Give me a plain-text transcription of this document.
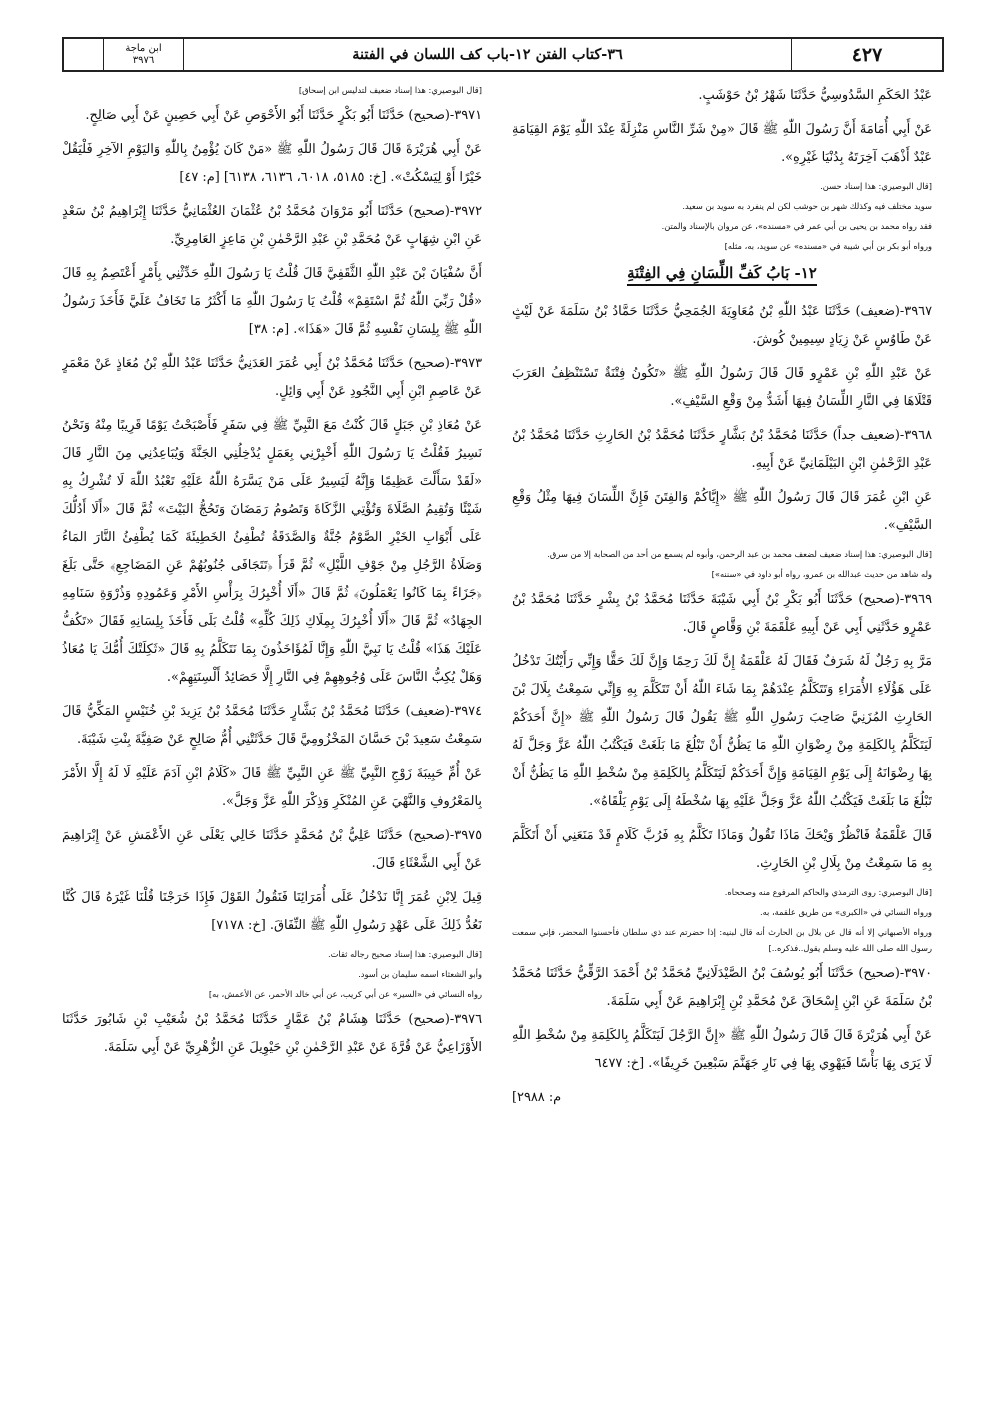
ابن ماجة
٣٩٧٦	٣٦-كتاب الفتن ١٢-باب كف اللسان في الفتنة	٤٢٧

عَبْدُ الحَكَمِ السَّدُوسِيُّ حَدَّثَنَا شَهْرُ بْنُ حَوْشَبٍ.

عَنْ أَبِي أُمَامَةَ أَنَّ رَسُولَ اللّٰهِ ﷺ قَالَ «مِنْ شَرِّ النَّاسِ مَنْزِلَةً عِنْدَ اللّٰهِ يَوْمَ القِيَامَةِ عَبْدٌ أَذْهَبَ آخِرَتَهُ بِدُنْيَا غَيْرِهِ».

[قال البوصيري: هذا إسناد حسن.

سويد مختلف فيه وكذلك شهر بن حوشب لكن لم ينفرد به سويد بن سعيد.

فقد رواه محمد بن يحيى بن أبي عمر في «مسنده»، عن مروان بالإسناد والمتن.

ورواه أبو بكر بن أبي شيبة في «مسنده» عن سويد، به، مثله]

١٢- بَابُ كَفِّ اللِّسَانِ فِي الفِتْنَةِ

٣٩٦٧-(ضعيف) حَدَّثَنَا عَبْدُ اللّٰهِ بْنُ مُعَاوِيَةَ الجُمَحِيُّ حَدَّثَنَا حَمَّادُ بْنُ سَلَمَةَ عَنْ لَيْثٍ عَنْ طَاوُسٍ عَنْ زِيَادٍ سِيمِينْ كُوشَ.

عَنْ عَبْدِ اللّٰهِ بْنِ عَمْرٍو قَالَ قَالَ رَسُولُ اللّٰهِ ﷺ «تَكُونُ فِتْنَةٌ تَسْتَنْظِفُ العَرَبَ قَتْلَاهَا فِي النَّارِ اللِّسَانُ فِيهَا أَشَدُّ مِنْ وَقْعِ السَّيْفِ».

٣٩٦٨-(ضعيف جداً) حَدَّثَنَا مُحَمَّدُ بْنُ بَشَّارٍ حَدَّثَنَا مُحَمَّدُ بْنُ الحَارِثِ حَدَّثَنَا مُحَمَّدُ بْنُ عَبْدِ الرَّحْمٰنِ ابْنِ البَيْلَمَانِيِّ عَنْ أَبِيهِ.

عَنِ ابْنِ عُمَرَ قَالَ قَالَ رَسُولُ اللّٰهِ ﷺ «إِيَّاكُمْ وَالفِتَنَ فَإِنَّ اللِّسَانَ فِيهَا مِثْلُ وَقْعِ السَّيْفِ».

[قال البوصيري: هذا إسناد ضعيف لضعف محمد بن عبد الرحمن، وأبوه لم يسمع من أحد من الصحابة إلا من سرق.

وله شاهد من حديث عبدالله بن عمرو، رواه أبو داود في «سننه»]

٣٩٦٩-(صحيح) حَدَّثَنَا أَبُو بَكْرِ بْنُ أَبِي شَيْبَةَ حَدَّثَنَا مُحَمَّدُ بْنُ بِشْرٍ حَدَّثَنَا مُحَمَّدُ بْنُ عَمْرٍو حَدَّثَنِي أَبِي عَنْ أَبِيهِ عَلْقَمَةَ بْنِ وَقَّاصٍ قَالَ.

مَرَّ بِهِ رَجُلٌ لَهُ شَرَفٌ فَقَالَ لَهُ عَلْقَمَةُ إِنَّ لَكَ رَحِمًا وَإِنَّ لَكَ حَقًّا وَإِنِّي رَأَيْتُكَ تَدْخُلُ عَلَى هَؤُلَاءِ الأُمَرَاءِ وَتَتَكَلَّمُ عِنْدَهُمْ بِمَا شَاءَ اللّٰهُ أَنْ تَتَكَلَّمَ بِهِ وَإِنِّي سَمِعْتُ بِلَالَ بْنَ الحَارِثِ المُزَنِيَّ صَاحِبَ رَسُولِ اللّٰهِ ﷺ يَقُولُ قَالَ رَسُولُ اللّٰهِ ﷺ «إِنَّ أَحَدَكُمْ لَيَتَكَلَّمُ بِالكَلِمَةِ مِنْ رِضْوَانِ اللّٰهِ مَا يَظُنُّ أَنْ تَبْلُغَ مَا بَلَغَتْ فَيَكْتُبُ اللّٰهُ عَزَّ وَجَلَّ لَهُ بِهَا رِضْوَانَهُ إِلَى يَوْمِ القِيَامَةِ وَإِنَّ أَحَدَكُمْ لَيَتَكَلَّمُ بِالكَلِمَةِ مِنْ سُخْطِ اللّٰهِ مَا يَظُنُّ أَنْ تَبْلُغَ مَا بَلَغَتْ فَيَكْتُبُ اللّٰهُ عَزَّ وَجَلَّ عَلَيْهِ بِهَا سُخْطَهُ إِلَى يَوْمِ يَلْقَاهُ».

قَالَ عَلْقَمَةُ فَانْظُرْ وَيْحَكَ مَاذَا تَقُولُ وَمَاذَا تَكَلَّمُ بِهِ فَرُبَّ كَلَامٍ قَدْ مَنَعَنِي أَنْ أَتَكَلَّمَ بِهِ مَا سَمِعْتُ مِنْ بِلَالِ بْنِ الحَارِثِ.

[قال البوصيري: روى الترمذي والحاكم المرفوع منه وصححاه.

ورواه النسائي في «الكبرى» من طريق علقمة، به.

ورواه الأصبهاني إلا أنه قال عن بلال بن الحارث أنه قال لبنيه: إذا حضرتم عند ذي سلطان فأحسنوا المحضر، فإني سمعت رسول الله صلى الله عليه وسلم يقول..فذكره..]

٣٩٧٠-(صحيح) حَدَّثَنَا أَبُو يُوسُفَ بْنُ الصَّيْدَلَانِيِّ مُحَمَّدُ بْنُ أَحْمَدَ الرَّقِّيُّ حَدَّثَنَا مُحَمَّدُ بْنُ سَلَمَةَ عَنِ ابْنِ إِسْحَاقَ عَنْ مُحَمَّدِ بْنِ إِبْرَاهِيمَ عَنْ أَبِي سَلَمَةَ.

عَنْ أَبِي هُرَيْرَةَ قَالَ قَالَ رَسُولُ اللّٰهِ ﷺ «إِنَّ الرَّجُلَ لَيَتَكَلَّمُ بِالكَلِمَةِ مِنْ سُخْطِ اللّٰهِ لَا يَرَى بِهَا بَأْسًا فَيَهْوِي بِهَا فِي نَارِ جَهَنَّمَ سَبْعِينَ خَرِيفًا». [خ: ٦٤٧٧

م: ٢٩٨٨]

[قال البوصيري: هذا إسناد ضعيف لتدليس ابن إسحاق]

٣٩٧١-(صحيح) حَدَّثَنَا أَبُو بَكْرٍ حَدَّثَنَا أَبُو الأَحْوَصِ عَنْ أَبِي حَصِينٍ عَنْ أَبِي صَالِحٍ.

عَنْ أَبِي هُرَيْرَةَ قَالَ قَالَ رَسُولُ اللّٰهِ ﷺ «مَنْ كَانَ يُؤْمِنُ بِاللّٰهِ وَاليَوْمِ الآخِرِ فَلْيَقُلْ خَيْرًا أَوْ لِيَسْكُتْ». [خ: ٥١٨٥، ٦٠١٨، ٦١٣٦، ٦١٣٨] [م: ٤٧]

٣٩٧٢-(صحيح) حَدَّثَنَا أَبُو مَرْوَانَ مُحَمَّدُ بْنُ عُثْمَانَ العُثْمَانِيُّ حَدَّثَنَا إِبْرَاهِيمُ بْنُ سَعْدٍ عَنِ ابْنِ شِهَابٍ عَنْ مُحَمَّدِ بْنِ عَبْدِ الرَّحْمٰنِ بْنِ مَاعِزٍ العَامِرِيِّ.

أَنَّ سُفْيَانَ بْنَ عَبْدِ اللّٰهِ الثَّقَفِيَّ قَالَ قُلْتُ يَا رَسُولَ اللّٰهِ حَدِّثْنِي بِأَمْرٍ أَعْتَصِمُ بِهِ قَالَ «قُلْ رَبِّيَ اللّٰهُ ثُمَّ اسْتَقِمْ» قُلْتُ يَا رَسُولَ اللّٰهِ مَا أَكْثَرُ مَا تَخَافُ عَلَيَّ فَأَخَذَ رَسُولُ اللّٰهِ ﷺ بِلِسَانِ نَفْسِهِ ثُمَّ قَالَ «هَذَا». [م: ٣٨]

٣٩٧٣-(صحيح) حَدَّثَنَا مُحَمَّدُ بْنُ أَبِي عُمَرَ العَدَنِيُّ حَدَّثَنَا عَبْدُ اللّٰهِ بْنُ مُعَاذٍ عَنْ مَعْمَرٍ عَنْ عَاصِمِ ابْنِ أَبِي النَّجُودِ عَنْ أَبِي وَائِلٍ.

عَنْ مُعَاذِ بْنِ جَبَلٍ قَالَ كُنْتُ مَعَ النَّبِيِّ ﷺ فِي سَفَرٍ فَأَصْبَحْتُ يَوْمًا قَرِيبًا مِنْهُ وَنَحْنُ نَسِيرُ فَقُلْتُ يَا رَسُولَ اللّٰهِ أَخْبِرْنِي بِعَمَلٍ يُدْخِلُنِي الجَنَّةَ وَيُبَاعِدُنِي مِنَ النَّارِ قَالَ «لَقَدْ سَأَلْتَ عَظِيمًا وَإِنَّهُ لَيَسِيرٌ عَلَى مَنْ يَسَّرَهُ اللّٰهُ عَلَيْهِ تَعْبُدُ اللّٰهَ لَا تُشْرِكُ بِهِ شَيْئًا وَتُقِيمُ الصَّلَاةَ وَتُؤْتِي الزَّكَاةَ وَتَصُومُ رَمَضَانَ وَتَحُجُّ البَيْتَ» ثُمَّ قَالَ «أَلَا أَدُلُّكَ عَلَى أَبْوَابِ الخَيْرِ الصَّوْمُ جُنَّةٌ وَالصَّدَقَةُ تُطْفِئُ الخَطِيئَةَ كَمَا يُطْفِئُ النَّارَ المَاءُ وَصَلَاةُ الرَّجُلِ مِنْ جَوْفِ اللَّيْلِ» ثُمَّ قَرَأَ ﴿تَتَجَافَى جُنُوبُهُمْ عَنِ المَضَاجِعِ﴾ حَتَّى بَلَغَ ﴿جَزَاءً بِمَا كَانُوا يَعْمَلُونَ﴾ ثُمَّ قَالَ «أَلَا أُخْبِرُكَ بِرَأْسِ الأَمْرِ وَعَمُودِهِ وَذُرْوَةِ سَنَامِهِ الجِهَادُ» ثُمَّ قَالَ «أَلَا أُخْبِرُكَ بِمِلَاكِ ذَلِكَ كُلِّهِ» قُلْتُ بَلَى فَأَخَذَ بِلِسَانِهِ فَقَالَ «تَكُفُّ عَلَيْكَ هَذَا» قُلْتُ يَا نَبِيَّ اللّٰهِ وَإِنَّا لَمُؤَاخَذُونَ بِمَا نَتَكَلَّمُ بِهِ قَالَ «ثَكِلَتْكَ أُمُّكَ يَا مُعَاذُ وَهَلْ يُكِبُّ النَّاسَ عَلَى وُجُوهِهِمْ فِي النَّارِ إِلَّا حَصَائِدُ أَلْسِنَتِهِمْ».

٣٩٧٤-(ضعيف) حَدَّثَنَا مُحَمَّدُ بْنُ بَشَّارٍ حَدَّثَنَا مُحَمَّدُ بْنُ يَزِيدَ بْنِ خُنَيْسٍ المَكِّيُّ قَالَ سَمِعْتُ سَعِيدَ بْنَ حَسَّانَ المَخْزُومِيَّ قَالَ حَدَّثَتْنِي أُمُّ صَالِحٍ عَنْ صَفِيَّةَ بِنْتِ شَيْبَةَ.

عَنْ أُمِّ حَبِيبَةَ زَوْجِ النَّبِيِّ ﷺ عَنِ النَّبِيِّ ﷺ قَالَ «كَلَامُ ابْنِ آدَمَ عَلَيْهِ لَا لَهُ إِلَّا الأَمْرَ بِالمَعْرُوفِ وَالنَّهْيَ عَنِ المُنْكَرِ وَذِكْرَ اللّٰهِ عَزَّ وَجَلَّ».

٣٩٧٥-(صحيح) حَدَّثَنَا عَلِيُّ بْنُ مُحَمَّدٍ حَدَّثَنَا خَالِي يَعْلَى عَنِ الأَعْمَشِ عَنْ إِبْرَاهِيمَ عَنْ أَبِي الشَّعْثَاءِ قَالَ.

قِيلَ لِابْنِ عُمَرَ إِنَّا نَدْخُلُ عَلَى أُمَرَائِنَا فَنَقُولُ القَوْلَ فَإِذَا خَرَجْنَا قُلْنَا غَيْرَهُ قَالَ كُنَّا نَعُدُّ ذَلِكَ عَلَى عَهْدِ رَسُولِ اللّٰهِ ﷺ النِّفَاقَ. [خ: ٧١٧٨]

[قال البوصيري: هذا إسناد صحيح رجاله ثقات.

وأبو الشعثاء اسمه سليمان بن أسود.

رواه النسائي في «السير» عن أبي كريب، عن أبي خالد الأحمر، عن الأعمش، به]

٣٩٧٦-(صحيح) حَدَّثَنَا هِشَامُ بْنُ عَمَّارٍ حَدَّثَنَا مُحَمَّدُ بْنُ شُعَيْبِ بْنِ شَابُورَ حَدَّثَنَا الأَوْزَاعِيُّ عَنْ قُرَّةَ عَنْ عَبْدِ الرَّحْمٰنِ بْنِ حَيْوِيلَ عَنِ الزُّهْرِيِّ عَنْ أَبِي سَلَمَةَ.
